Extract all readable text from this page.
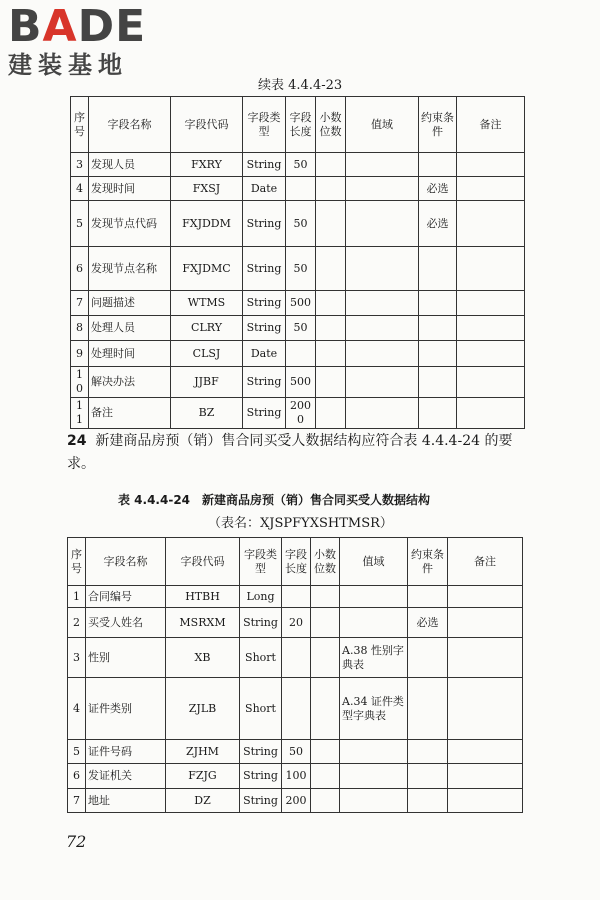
BADE
建装基地
续表 4.4.4-23
序号	字段名称	字段代码	字段类型	字段长度	小数位数	值域	约束条件	备注
3	发现人员	FXRY	String	50				
4	发现时间	FXSJ	Date				必选	
5	发现节点代码	FXJDDM	String	50			必选	
6	发现节点名称	FXJDMC	String	50				
7	问题描述	WTMS	String	500				
8	处理人员	CLRY	String	50				
9	处理时间	CLSJ	Date					
10	解决办法	JJBF	String	500				
11	备注	BZ	String	2000				
24 新建商品房预（销）售合同买受人数据结构应符合表 4.4.4-24 的要求。
表 4.4.4-24　新建商品房预（销）售合同买受人数据结构
（表名：XJSPFYXSHTMSR）
序号	字段名称	字段代码	字段类型	字段长度	小数位数	值域	约束条件	备注
1	合同编号	HTBH	Long					
2	买受人姓名	MSRXM	String	20			必选	
3	性别	XB	Short			A.38 性别字典表		
4	证件类别	ZJLB	Short			A.34 证件类型字典表		
5	证件号码	ZJHM	String	50				
6	发证机关	FZJG	String	100				
7	地址	DZ	String	200				
72
